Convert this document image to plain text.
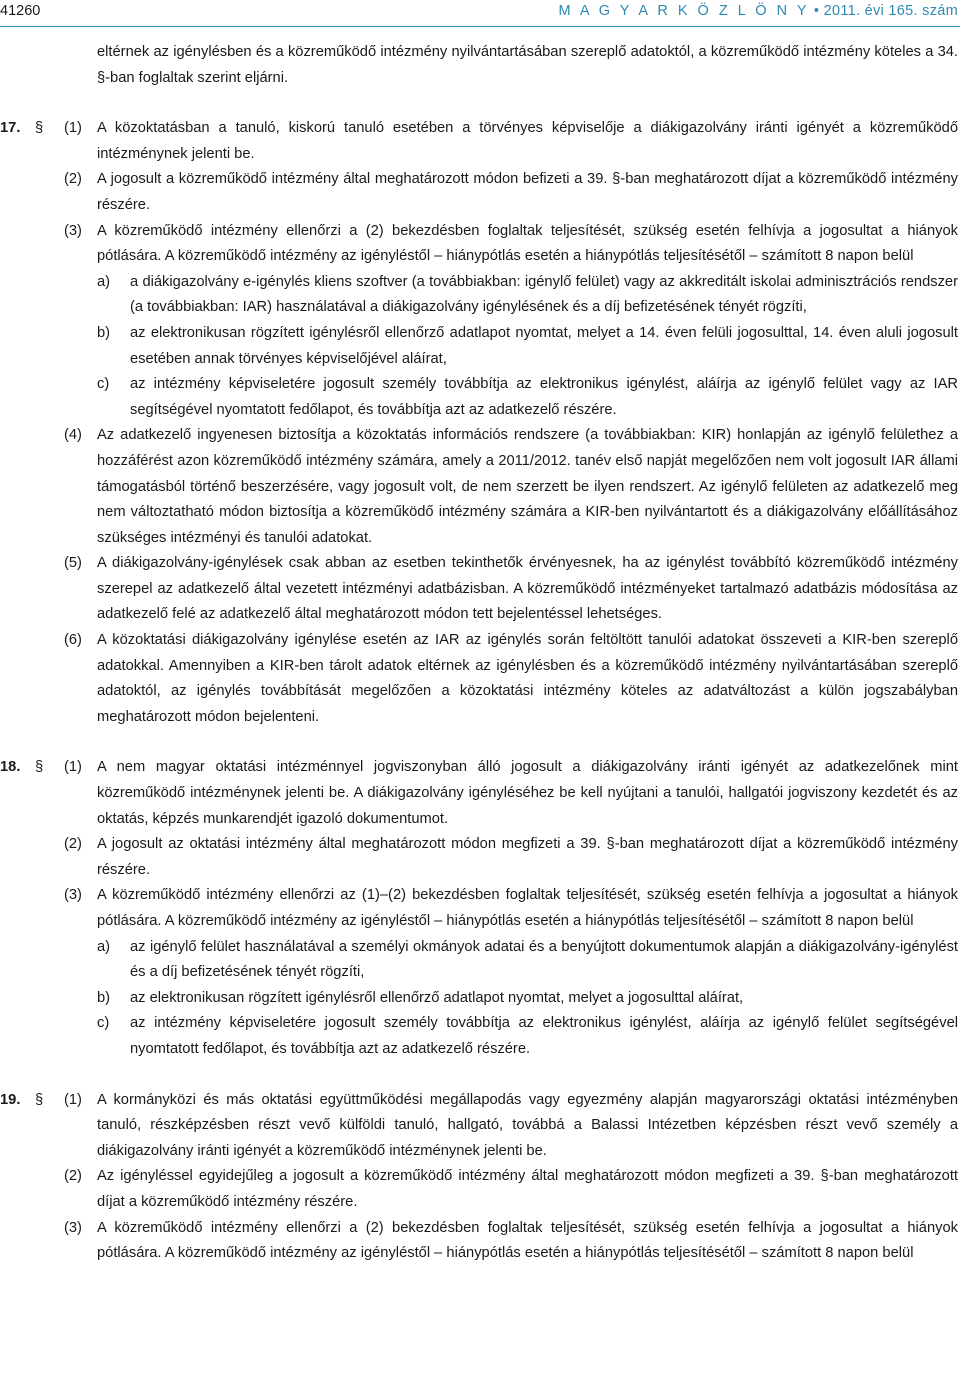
41260	M A G Y A R K Ö Z L Ö N Y • 2011. évi 165. szám

eltérnek az igénylésben és a közreműködő intézmény nyilvántartásában szereplő adatoktól, a közreműködő intézmény köteles a 34. §-ban foglaltak szerint eljárni.

17. § (1) A közoktatásban a tanuló, kiskorú tanuló esetében a törvényes képviselője a diákigazolvány iránti igényét a közreműködő intézménynek jelenti be.

(2) A jogosult a közreműködő intézmény által meghatározott módon befizeti a 39. §-ban meghatározott díjat a közreműködő intézmény részére.

(3) A közreműködő intézmény ellenőrzi a (2) bekezdésben foglaltak teljesítését, szükség esetén felhívja a jogosultat a hiányok pótlására. A közreműködő intézmény az igényléstől – hiánypótlás esetén a hiánypótlás teljesítésétől – számított 8 napon belül

a) a diákigazolvány e-igénylés kliens szoftver (a továbbiakban: igénylő felület) vagy az akkreditált iskolai adminisztrációs rendszer (a továbbiakban: IAR) használatával a diákigazolvány igénylésének és a díj befizetésének tényét rögzíti,

b) az elektronikusan rögzített igénylésről ellenőrző adatlapot nyomtat, melyet a 14. éven felüli jogosulttal, 14. éven aluli jogosult esetében annak törvényes képviselőjével aláírat,

c) az intézmény képviseletére jogosult személy továbbítja az elektronikus igénylést, aláírja az igénylő felület vagy az IAR segítségével nyomtatott fedőlapot, és továbbítja azt az adatkezelő részére.

(4) Az adatkezelő ingyenesen biztosítja a közoktatás információs rendszere (a továbbiakban: KIR) honlapján az igénylő felülethez a hozzáférést azon közreműködő intézmény számára, amely a 2011/2012. tanév első napját megelőzően nem volt jogosult IAR állami támogatásból történő beszerzésére, vagy jogosult volt, de nem szerzett be ilyen rendszert. Az igénylő felületen az adatkezelő meg nem változtatható módon biztosítja a közreműködő intézmény számára a KIR-ben nyilvántartott és a diákigazolvány előállításához szükséges intézményi és tanulói adatokat.

(5) A diákigazolvány-igénylések csak abban az esetben tekinthetők érvényesnek, ha az igénylést továbbító közreműködő intézmény szerepel az adatkezelő által vezetett intézményi adatbázisban. A közreműködő intézményeket tartalmazó adatbázis módosítása az adatkezelő felé az adatkezelő által meghatározott módon tett bejelentéssel lehetséges.

(6) A közoktatási diákigazolvány igénylése esetén az IAR az igénylés során feltöltött tanulói adatokat összeveti a KIR-ben szereplő adatokkal. Amennyiben a KIR-ben tárolt adatok eltérnek az igénylésben és a közreműködő intézmény nyilvántartásában szereplő adatoktól, az igénylés továbbítását megelőzően a közoktatási intézmény köteles az adatváltozást a külön jogszabályban meghatározott módon bejelenteni.

18. § (1) A nem magyar oktatási intézménnyel jogviszonyban álló jogosult a diákigazolvány iránti igényét az adatkezelőnek mint közreműködő intézménynek jelenti be. A diákigazolvány igényléséhez be kell nyújtani a tanulói, hallgatói jogviszony kezdetét és az oktatás, képzés munkarendjét igazoló dokumentumot.

(2) A jogosult az oktatási intézmény által meghatározott módon megfizeti a 39. §-ban meghatározott díjat a közreműködő intézmény részére.

(3) A közreműködő intézmény ellenőrzi az (1)–(2) bekezdésben foglaltak teljesítését, szükség esetén felhívja a jogosultat a hiányok pótlására. A közreműködő intézmény az igényléstől – hiánypótlás esetén a hiánypótlás teljesítésétől – számított 8 napon belül

a) az igénylő felület használatával a személyi okmányok adatai és a benyújtott dokumentumok alapján a diákigazolvány-igénylést és a díj befizetésének tényét rögzíti,

b) az elektronikusan rögzített igénylésről ellenőrző adatlapot nyomtat, melyet a jogosulttal aláírat,

c) az intézmény képviseletére jogosult személy továbbítja az elektronikus igénylést, aláírja az igénylő felület segítségével nyomtatott fedőlapot, és továbbítja azt az adatkezelő részére.

19. § (1) A kormányközi és más oktatási együttműködési megállapodás vagy egyezmény alapján magyarországi oktatási intézményben tanuló, részképzésben részt vevő külföldi tanuló, hallgató, továbbá a Balassi Intézetben képzésben részt vevő személy a diákigazolvány iránti igényét a közreműködő intézménynek jelenti be.

(2) Az igényléssel egyidejűleg a jogosult a közreműködő intézmény által meghatározott módon megfizeti a 39. §-ban meghatározott díjat a közreműködő intézmény részére.

(3) A közreműködő intézmény ellenőrzi a (2) bekezdésben foglaltak teljesítését, szükség esetén felhívja a jogosultat a hiányok pótlására. A közreműködő intézmény az igényléstől – hiánypótlás esetén a hiánypótlás teljesítésétől – számított 8 napon belül
